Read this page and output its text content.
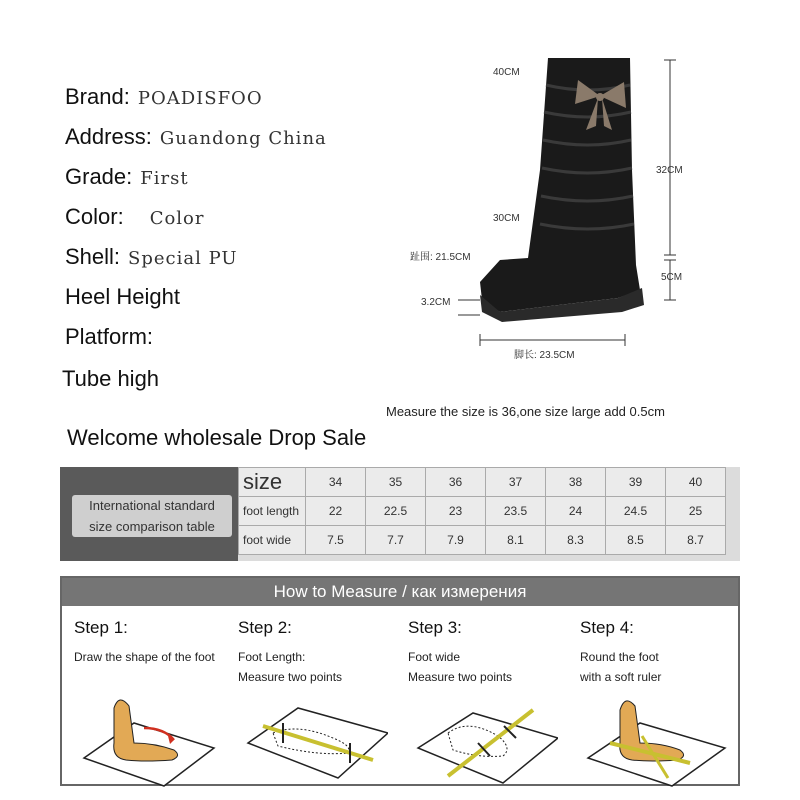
Brand: POADISFOO
Address: Guandong China
Grade: First
Color: Color
Shell: Special PU
Heel Height
Platform:
Tube high
40CM
32CM
30CM
趾围: 21.5CM
5CM
3.2CM
脚长: 23.5CM
Measure the size is 36,one size large add 0.5cm
Welcome wholesale Drop Sale
International standard
size comparison table
size	34	35	36	37	38	39	40
foot length	22	22.5	23	23.5	24	24.5	25
foot wide	7.5	7.7	7.9	8.1	8.3	8.5	8.7
How to Measure / как измерения
Step 1:
Draw the shape of the foot
Step 2:
Foot Length:
Measure two points
Step 3:
Foot wide
Measure two points
Step 4:
Round the foot
with a soft ruler
